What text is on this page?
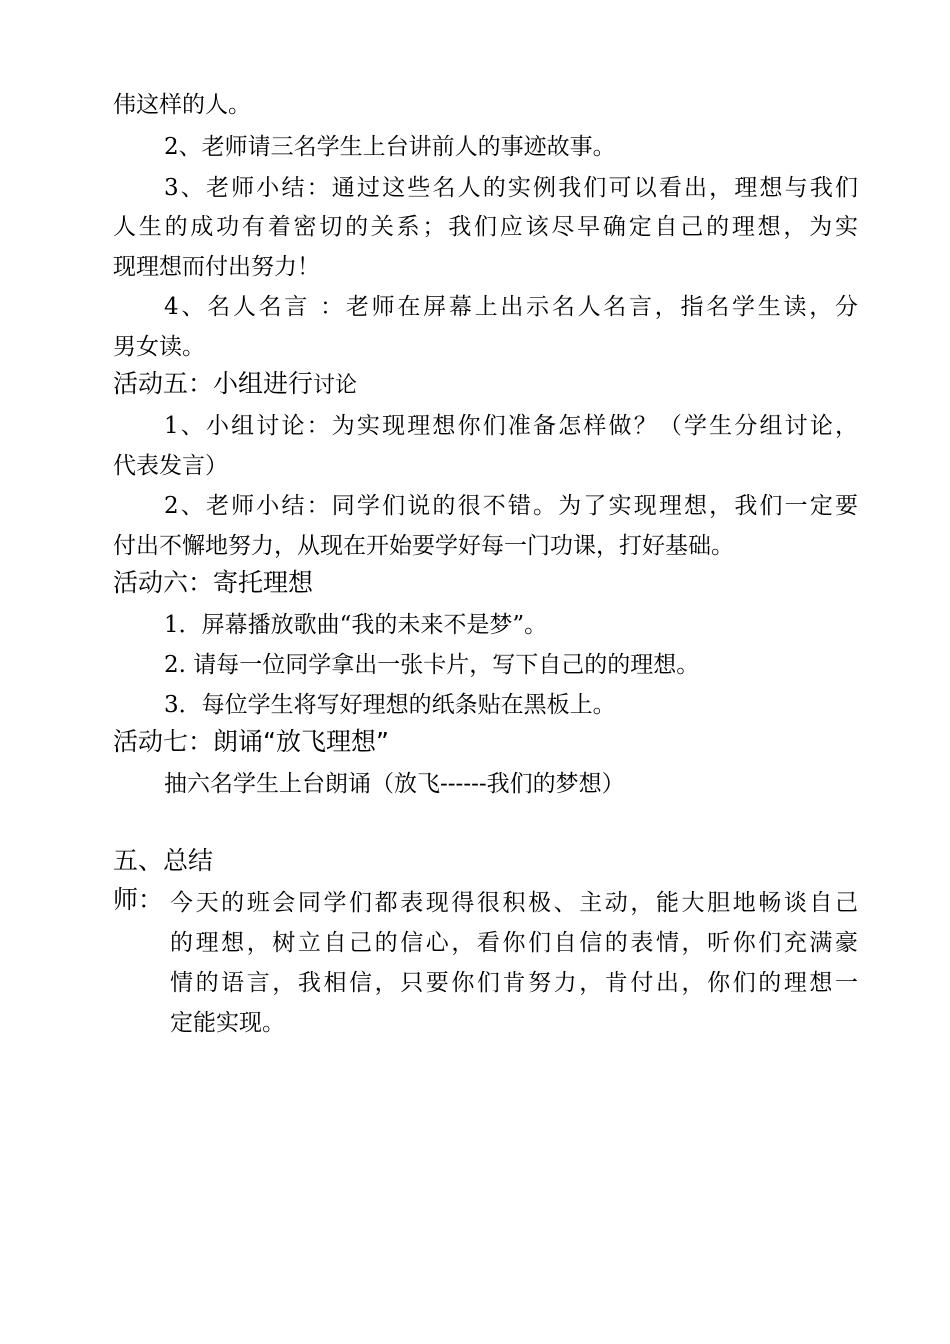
伟这样的人。
2、老师请三名学生上台讲前人的事迹故事。
3、老师小结：通过这些名人的实例我们可以看出，理想与我们
人生的成功有着密切的关系；我们应该尽早确定自己的理想，为实
现理想而付出努力！
4、名人名言 ：老师在屏幕上出示名人名言，指名学生读，分
男女读。
活动五：小组进行讨论
1、小组讨论：为实现理想你们准备怎样做？（学生分组讨论，
代表发言）
2、老师小结：同学们说的很不错。为了实现理想，我们一定要
付出不懈地努力，从现在开始要学好每一门功课，打好基础。
活动六：寄托理想
1．屏幕播放歌曲“我的未来不是梦”。
2. 请每一位同学拿出一张卡片，写下自己的的理想。
3．每位学生将写好理想的纸条贴在黑板上。
活动七：朗诵“放飞理想”
抽六名学生上台朗诵（放飞------我们的梦想）
五、总结
师： 今天的班会同学们都表现得很积极、主动，能大胆地畅谈自己
的理想，树立自己的信心，看你们自信的表情，听你们充满豪
情的语言，我相信，只要你们肯努力，肯付出，你们的理想一
定能实现。
